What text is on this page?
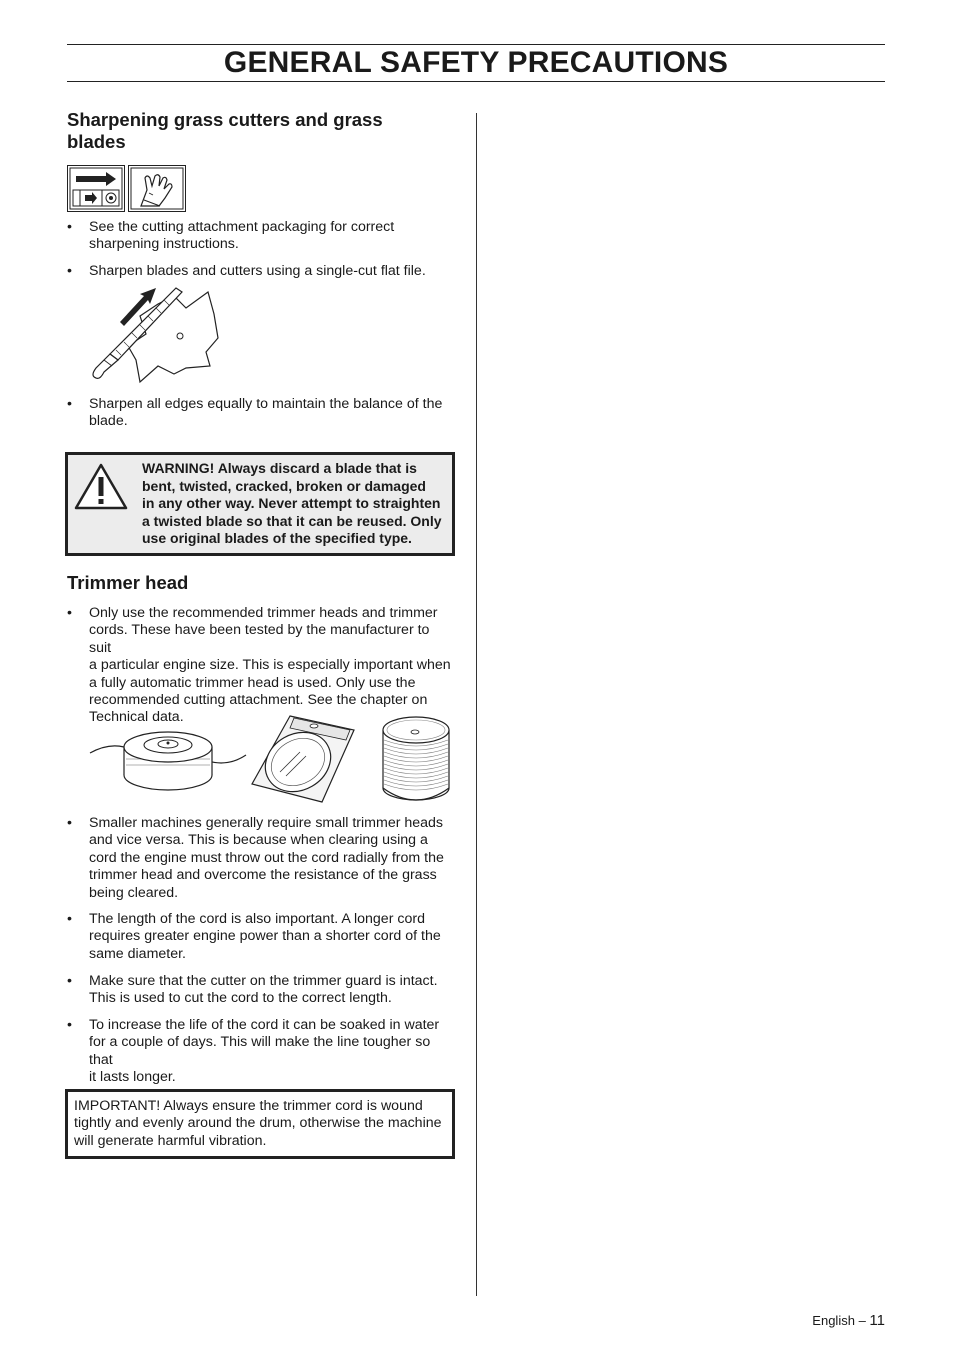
GENERAL SAFETY PRECAUTIONS
Sharpening grass cutters and grass
blades
• See the cutting attachment packaging for correct
sharpening instructions.
• Sharpen blades and cutters using a single-cut flat file.
• Sharpen all edges equally to maintain the balance of the
blade.
WARNING! Always discard a blade that is
bent, twisted, cracked, broken or damaged
in any other way. Never attempt to straighten
a twisted blade so that it can be reused. Only
use original blades of the specified type.
Trimmer head
• Only use the recommended trimmer heads and trimmer
cords. These have been tested by the manufacturer to suit
a particular engine size. This is especially important when
a fully automatic trimmer head is used. Only use the
recommended cutting attachment. See the chapter on
Technical data.
• Smaller machines generally require small trimmer heads
and vice versa. This is because when clearing using a
cord the engine must throw out the cord radially from the
trimmer head and overcome the resistance of the grass
being cleared.
• The length of the cord is also important. A longer cord
requires greater engine power than a shorter cord of the
same diameter.
• Make sure that the cutter on the trimmer guard is intact.
This is used to cut the cord to the correct length.
• To increase the life of the cord it can be soaked in water
for a couple of days. This will make the line tougher so that
it lasts longer.
IMPORTANT! Always ensure the trimmer cord is wound
tightly and evenly around the drum, otherwise the machine
will generate harmful vibration.
English – 11
